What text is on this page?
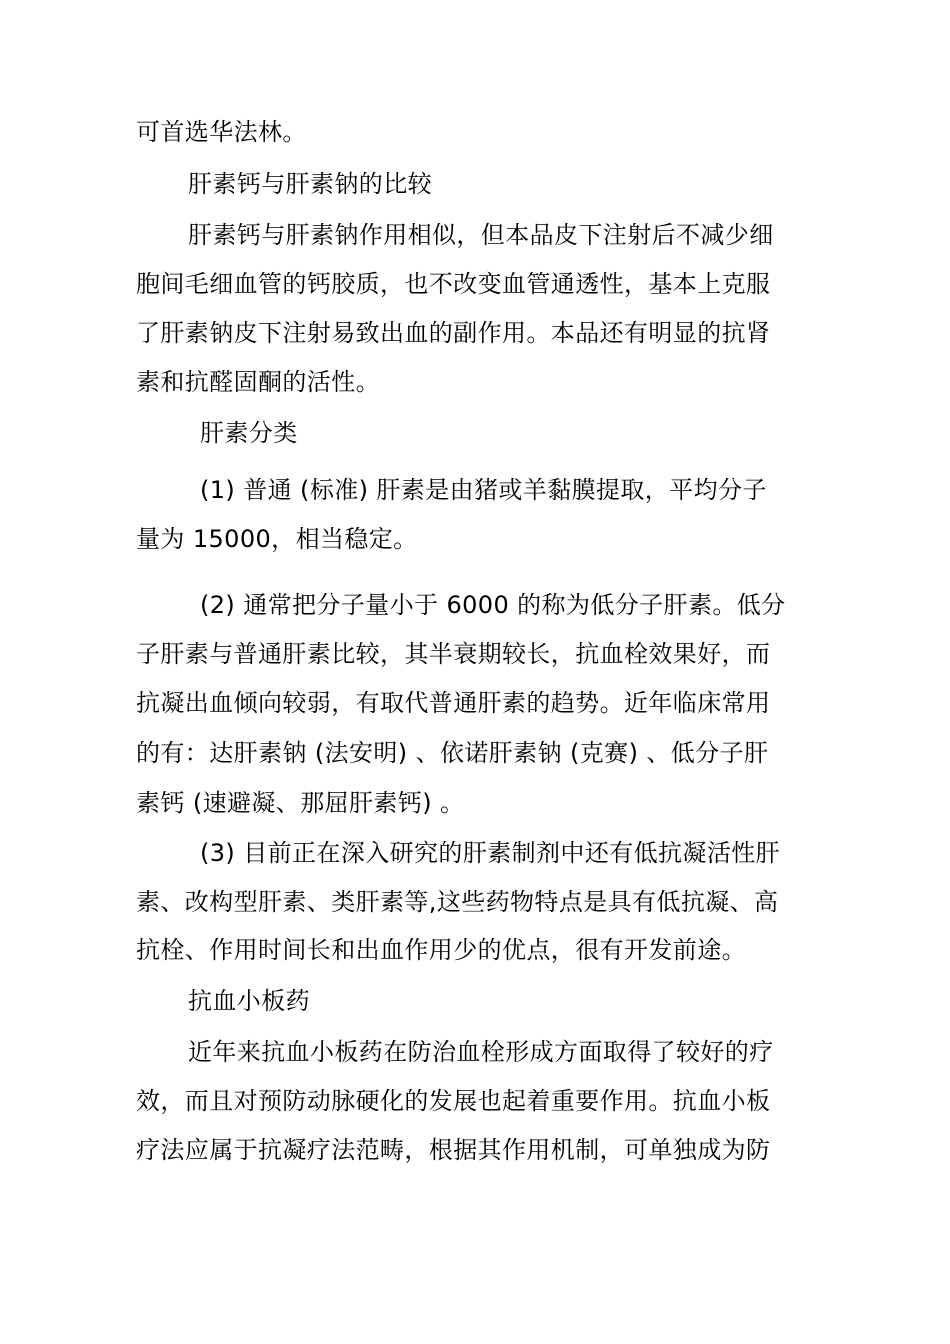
可首选华法林。
肝素钙与肝素钠的比较
肝素钙与肝素钠作用相似，但本品皮下注射后不减少细
胞间毛细血管的钙胶质，也不改变血管通透性，基本上克服
了肝素钠皮下注射易致出血的副作用。本品还有明显的抗肾
素和抗醛固酮的活性。
肝素分类
(1) 普通 (标准) 肝素是由猪或羊黏膜提取，平均分子
量为 15000，相当稳定。
(2) 通常把分子量小于 6000 的称为低分子肝素。低分
子肝素与普通肝素比较，其半衰期较长，抗血栓效果好，而
抗凝出血倾向较弱，有取代普通肝素的趋势。近年临床常用
的有：达肝素钠 (法安明) 、依诺肝素钠 (克赛) 、低分子肝
素钙 (速避凝、那屈肝素钙) 。
(3) 目前正在深入研究的肝素制剂中还有低抗凝活性肝
素、改构型肝素、类肝素等,这些药物特点是具有低抗凝、高
抗栓、作用时间长和出血作用少的优点，很有开发前途。
抗血小板药
近年来抗血小板药在防治血栓形成方面取得了较好的疗
效，而且对预防动脉硬化的发展也起着重要作用。抗血小板
疗法应属于抗凝疗法范畴，根据其作用机制，可单独成为防
